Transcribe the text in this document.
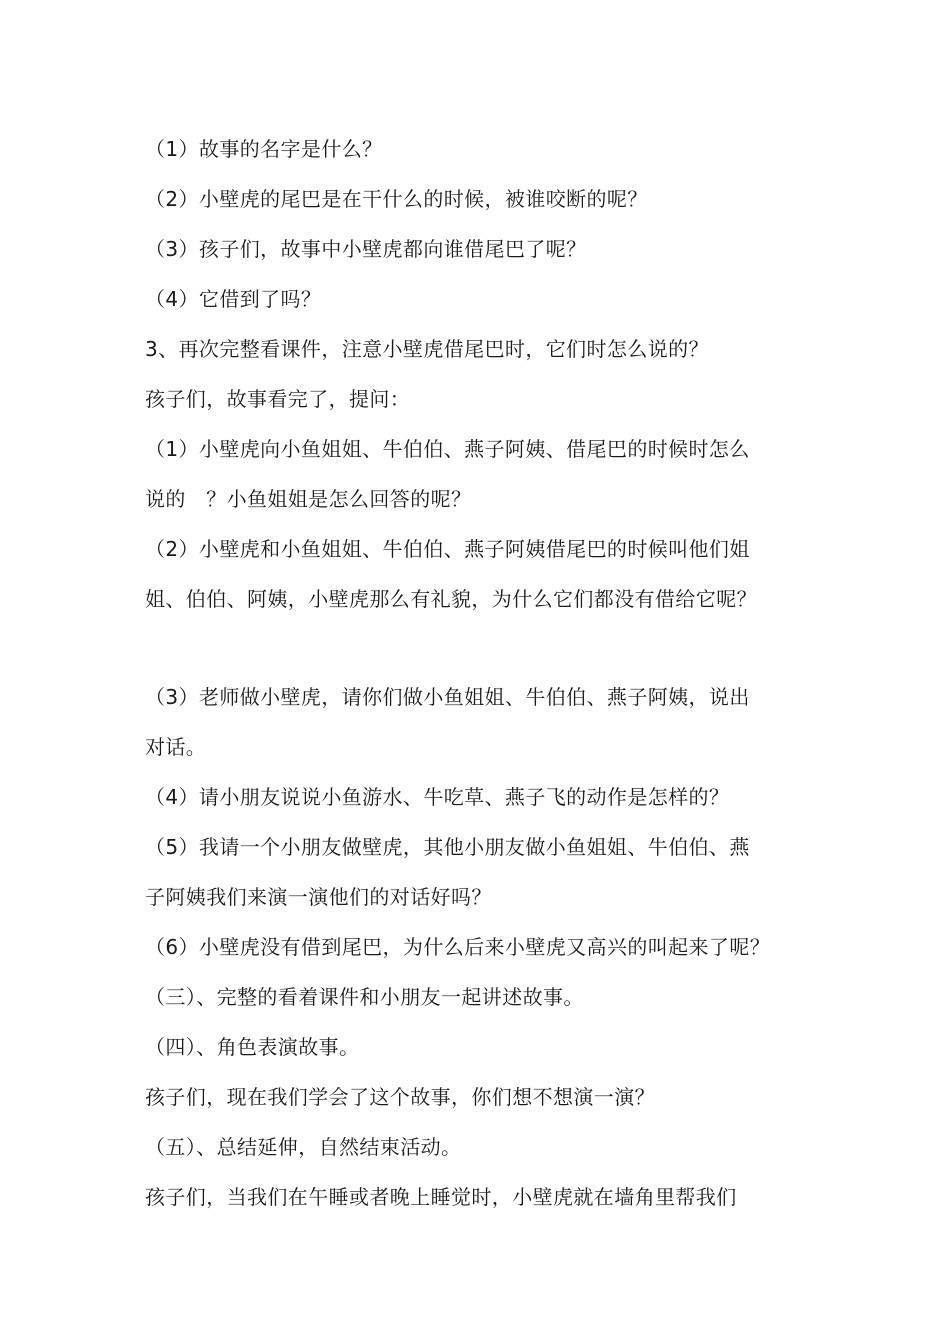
（1）故事的名字是什么？
（2）小壁虎的尾巴是在干什么的时候，被谁咬断的呢？
（3）孩子们，故事中小壁虎都向谁借尾巴了呢？
（4）它借到了吗？
3、再次完整看课件，注意小壁虎借尾巴时，它们时怎么说的？
孩子们，故事看完了，提问：
（1）小壁虎向小鱼姐姐、牛伯伯、燕子阿姨、借尾巴的时候时怎么
说的　？小鱼姐姐是怎么回答的呢？
（2）小壁虎和小鱼姐姐、牛伯伯、燕子阿姨借尾巴的时候叫他们姐
姐、伯伯、阿姨，小壁虎那么有礼貌，为什么它们都没有借给它呢？
（3）老师做小壁虎，请你们做小鱼姐姐、牛伯伯、燕子阿姨，说出
对话。
（4）请小朋友说说小鱼游水、牛吃草、燕子飞的动作是怎样的？
（5）我请一个小朋友做壁虎，其他小朋友做小鱼姐姐、牛伯伯、燕
子阿姨我们来演一演他们的对话好吗？
（6）小壁虎没有借到尾巴，为什么后来小壁虎又高兴的叫起来了呢？
（三）、完整的看着课件和小朋友一起讲述故事。
（四）、角色表演故事。
孩子们，现在我们学会了这个故事，你们想不想演一演？
（五）、总结延伸，自然结束活动。
孩子们，当我们在午睡或者晚上睡觉时，小壁虎就在墙角里帮我们
